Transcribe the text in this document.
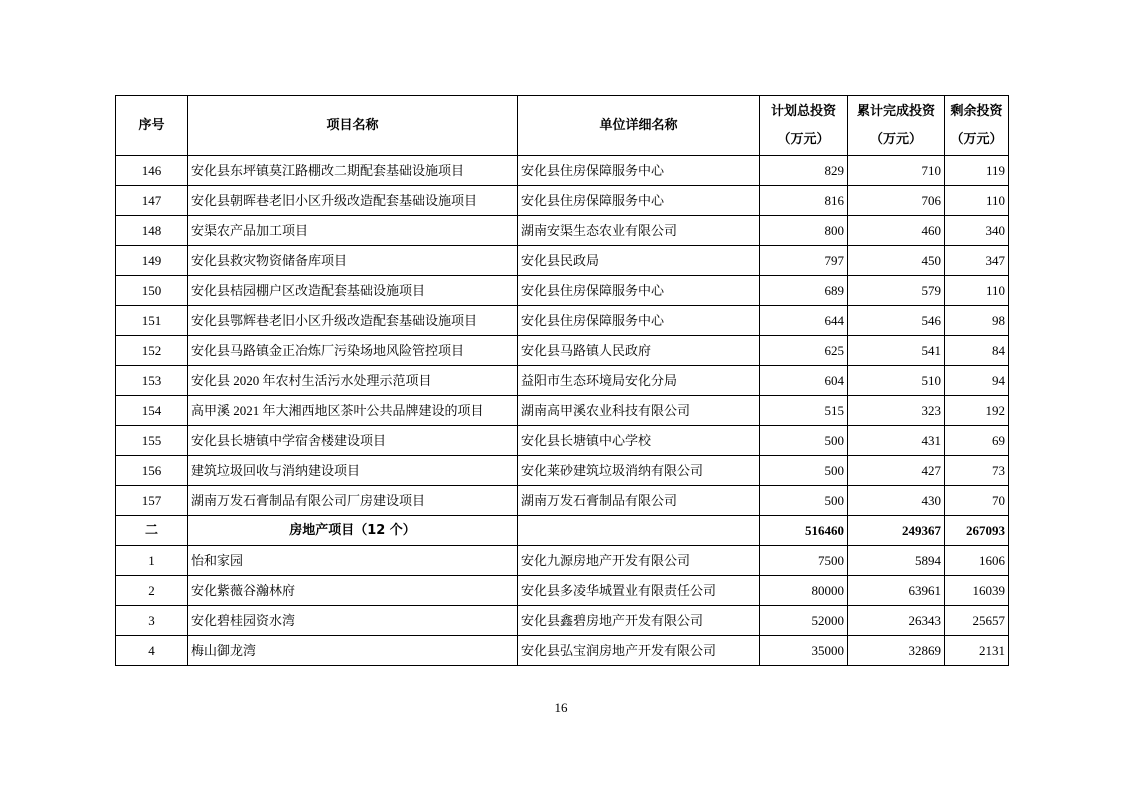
序号	项目名称	单位详细名称	计划总投资（万元）	累计完成投资（万元）	剩余投资（万元）
146	安化县东坪镇莫江路棚改二期配套基础设施项目	安化县住房保障服务中心	829	710	119
147	安化县朝晖巷老旧小区升级改造配套基础设施项目	安化县住房保障服务中心	816	706	110
148	安渠农产品加工项目	湖南安渠生态农业有限公司	800	460	340
149	安化县救灾物资储备库项目	安化县民政局	797	450	347
150	安化县桔园棚户区改造配套基础设施项目	安化县住房保障服务中心	689	579	110
151	安化县鄂辉巷老旧小区升级改造配套基础设施项目	安化县住房保障服务中心	644	546	98
152	安化县马路镇金正冶炼厂污染场地风险管控项目	安化县马路镇人民政府	625	541	84
153	安化县 2020 年农村生活污水处理示范项目	益阳市生态环境局安化分局	604	510	94
154	高甲溪 2021 年大湘西地区茶叶公共品牌建设的项目	湖南高甲溪农业科技有限公司	515	323	192
155	安化县长塘镇中学宿舍楼建设项目	安化县长塘镇中心学校	500	431	69
156	建筑垃圾回收与消纳建设项目	安化莱砂建筑垃圾消纳有限公司	500	427	73
157	湖南万发石膏制品有限公司厂房建设项目	湖南万发石膏制品有限公司	500	430	70
二	房地产项目（12 个）		516460	249367	267093
1	怡和家园	安化九源房地产开发有限公司	7500	5894	1606
2	安化紫薇谷瀚林府	安化县多凌华城置业有限责任公司	80000	63961	16039
3	安化碧桂园资水湾	安化县鑫碧房地产开发有限公司	52000	26343	25657
4	梅山御龙湾	安化县弘宝润房地产开发有限公司	35000	32869	2131
16
